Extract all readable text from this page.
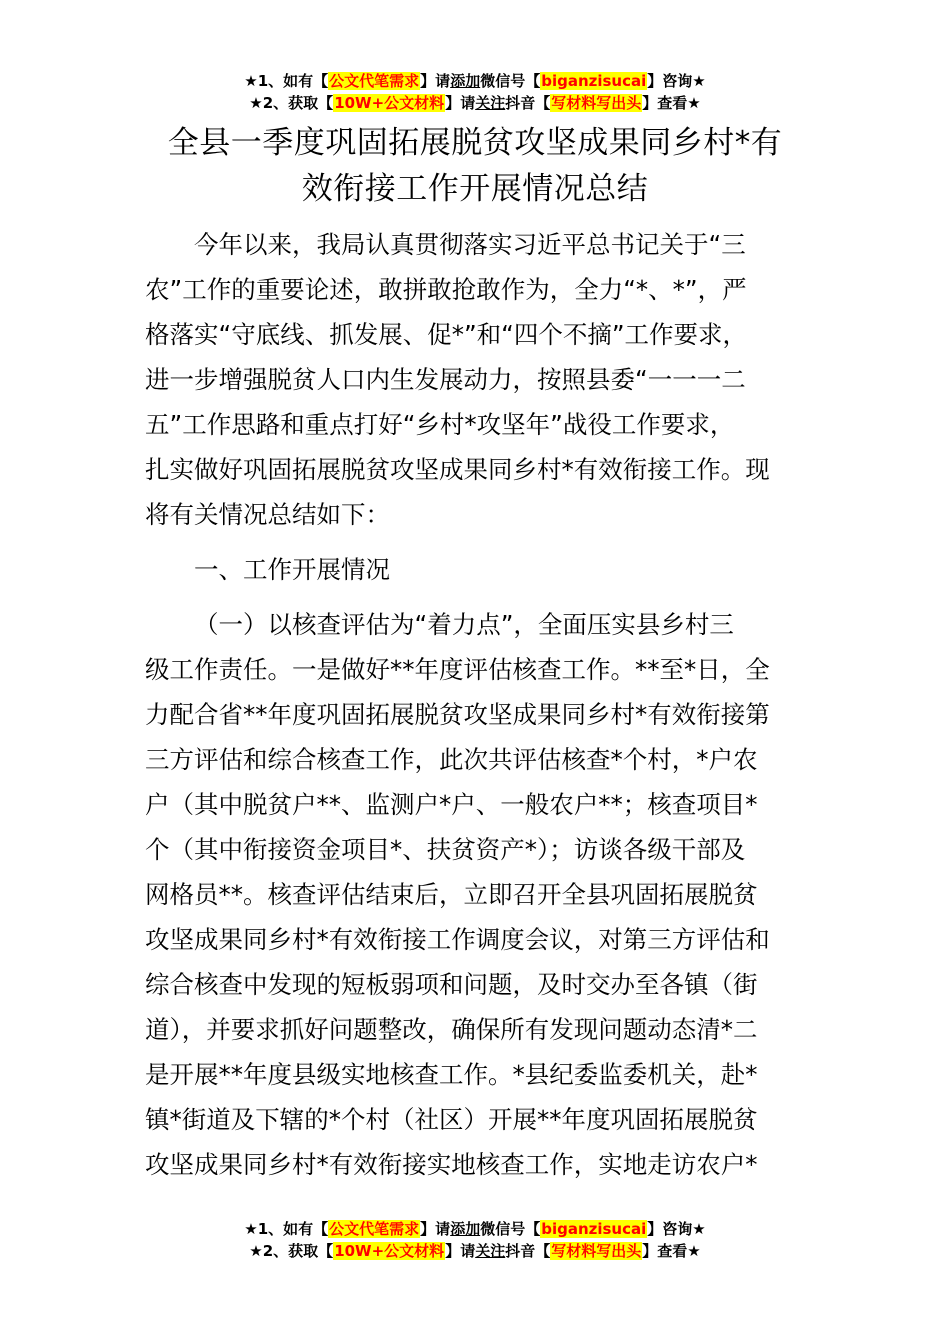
★1、如有【公文代笔需求】请添加微信号【biganzisucai】咨询★
★2、获取【10W+公文材料】请关注抖音【写材料写出头】查看★
全县一季度巩固拓展脱贫攻坚成果同乡村*有
效衔接工作开展情况总结
今年以来，我局认真贯彻落实习近平总书记关于“三
农”工作的重要论述，敢拼敢抢敢作为，全力“*、*”，严
格落实“守底线、抓发展、促*”和“四个不摘”工作要求，
进一步增强脱贫人口内生发展动力，按照县委“一一一二
五”工作思路和重点打好“乡村*攻坚年”战役工作要求，
扎实做好巩固拓展脱贫攻坚成果同乡村*有效衔接工作。现
将有关情况总结如下：
一、工作开展情况
（一）以核查评估为“着力点”，全面压实县乡村三
级工作责任。一是做好**年度评估核查工作。**至*日，全
力配合省**年度巩固拓展脱贫攻坚成果同乡村*有效衔接第
三方评估和综合核查工作，此次共评估核查*个村，*户农
户（其中脱贫户**、监测户*户、一般农户**；核查项目*
个（其中衔接资金项目*、扶贫资产*）；访谈各级干部及
网格员**。核查评估结束后，立即召开全县巩固拓展脱贫
攻坚成果同乡村*有效衔接工作调度会议，对第三方评估和
综合核查中发现的短板弱项和问题，及时交办至各镇（街
道），并要求抓好问题整改，确保所有发现问题动态清*二
是开展**年度县级实地核查工作。*县纪委监委机关，赴*
镇*街道及下辖的*个村（社区）开展**年度巩固拓展脱贫
攻坚成果同乡村*有效衔接实地核查工作，实地走访农户*
★1、如有【公文代笔需求】请添加微信号【biganzisucai】咨询★
★2、获取【10W+公文材料】请关注抖音【写材料写出头】查看★
